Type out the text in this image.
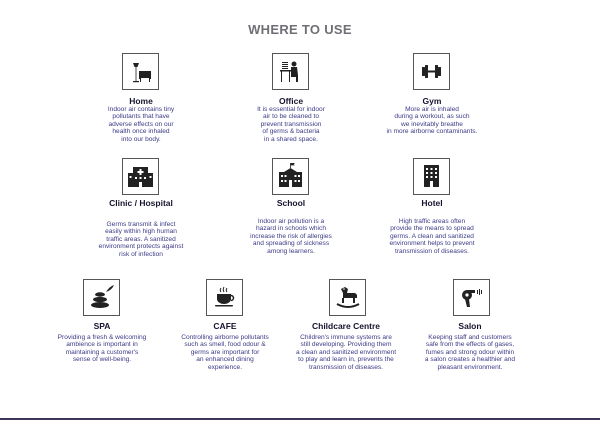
WHERE TO USE
Home
Indoor air contains tiny
pollutants that have
adverse effects on our
health once inhaled
into our body.
Office
It is essential for indoor
air to be cleaned to
prevent transmission
of germs & bacteria
in a shared space.
Gym
More air is inhaled
during a workout, as such
we inevitably breathe
in more airborne contaminants.
Clinic / Hospital
Germs transmit & infect
easily within high human
traffic areas. A sanitized
environment protects against
risk of infection
School
Indoor air pollution is a
hazard in schools which
increase the risk of allergies
and spreading of sickness
among learners.
Hotel
High traffic areas often
provide the means to spread
germs. A clean and sanitized
environment helps to prevent
transmission of diseases.
SPA
Providing a fresh & welcoming
ambience is important in
maintaining a customer's
sense of well-being.
CAFE
Controlling airborne pollutants
such as smell, food odour &
germs are important for
an enhanced dining
experience.
Childcare Centre
Children's immune systems are
still developing. Providing them
a clean and sanitized environment
to play and learn in, prevents the
transmission of diseases.
Salon
Keeping staff and customers
safe from the effects of gases,
fumes and strong odour within
a salon creates a healthier and
pleasant environment.
